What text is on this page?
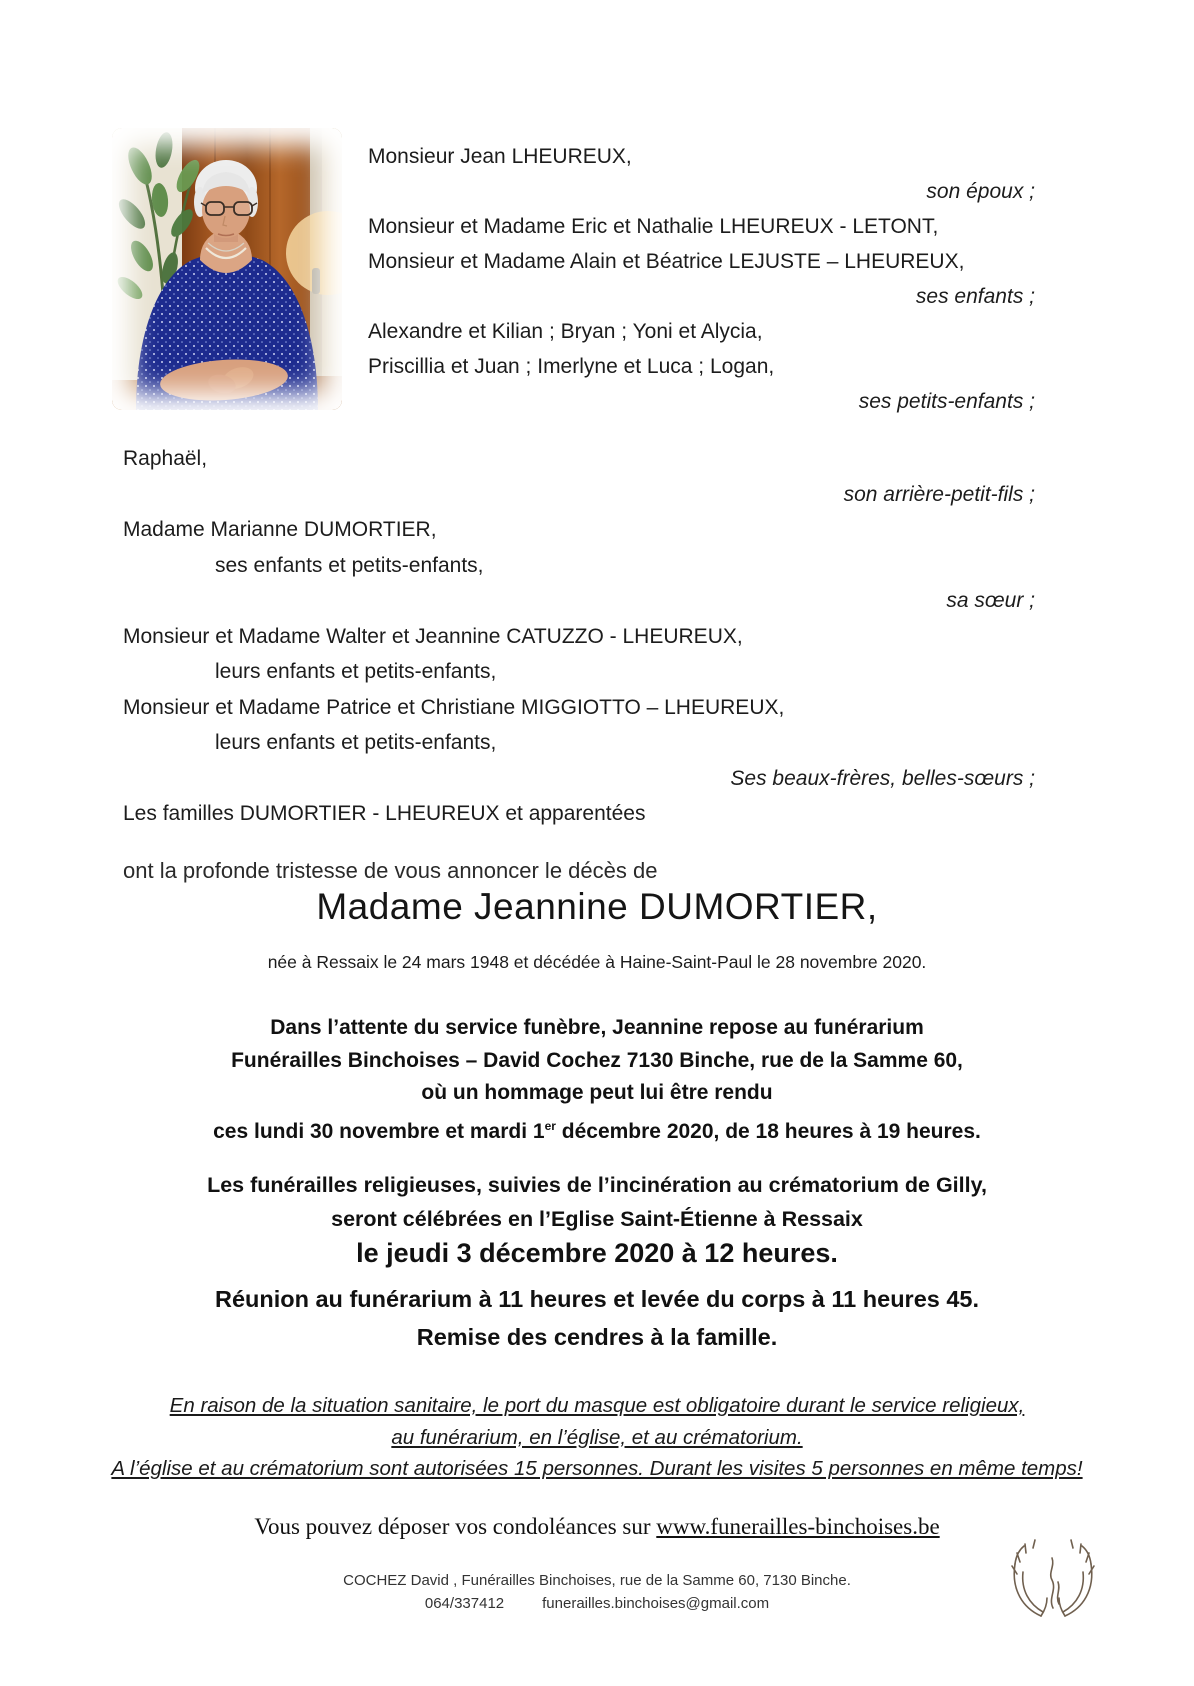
Monsieur Jean LHEUREUX,
son époux ;
Monsieur et Madame Eric et Nathalie LHEUREUX - LETONT,
Monsieur et Madame Alain et Béatrice LEJUSTE – LHEUREUX,
ses enfants ;
Alexandre et Kilian ; Bryan ; Yoni et Alycia,
Priscillia et Juan ; Imerlyne et Luca ; Logan,
ses petits-enfants ;
Raphaël,
son arrière-petit-fils ;
Madame Marianne DUMORTIER,
ses enfants et petits-enfants,
sa sœur ;
Monsieur et Madame Walter et Jeannine CATUZZO - LHEUREUX,
leurs enfants et petits-enfants,
Monsieur et Madame Patrice et Christiane MIGGIOTTO – LHEUREUX,
leurs enfants et petits-enfants,
Ses beaux-frères, belles-sœurs ;
Les familles DUMORTIER - LHEUREUX et apparentées
ont la profonde tristesse de vous annoncer le décès de
Madame Jeannine DUMORTIER,
née à Ressaix le 24 mars 1948 et décédée à Haine-Saint-Paul le 28 novembre 2020.
Dans l’attente du service funèbre, Jeannine repose au funérarium
Funérailles Binchoises – David Cochez 7130 Binche, rue de la Samme 60,
où un hommage peut lui être rendu
ces lundi 30 novembre et mardi 1er décembre 2020, de 18 heures à 19 heures.
Les funérailles religieuses, suivies de l’incinération au crématorium de Gilly,
seront célébrées en l’Eglise Saint-Étienne à Ressaix
le jeudi 3 décembre 2020 à 12 heures.
Réunion au funérarium à 11 heures et levée du corps à 11 heures 45.
Remise des cendres à la famille.
En raison de la situation sanitaire, le port du masque est obligatoire durant le service religieux,
au funérarium, en l’église, et au crématorium.
A l’église et au crématorium sont autorisées 15 personnes. Durant les visites 5 personnes en même temps!
Vous pouvez déposer vos condoléances sur www.funerailles-binchoises.be
COCHEZ David , Funérailles Binchoises, rue de la Samme 60, 7130 Binche.
064/337412	funerailles.binchoises@gmail.com
